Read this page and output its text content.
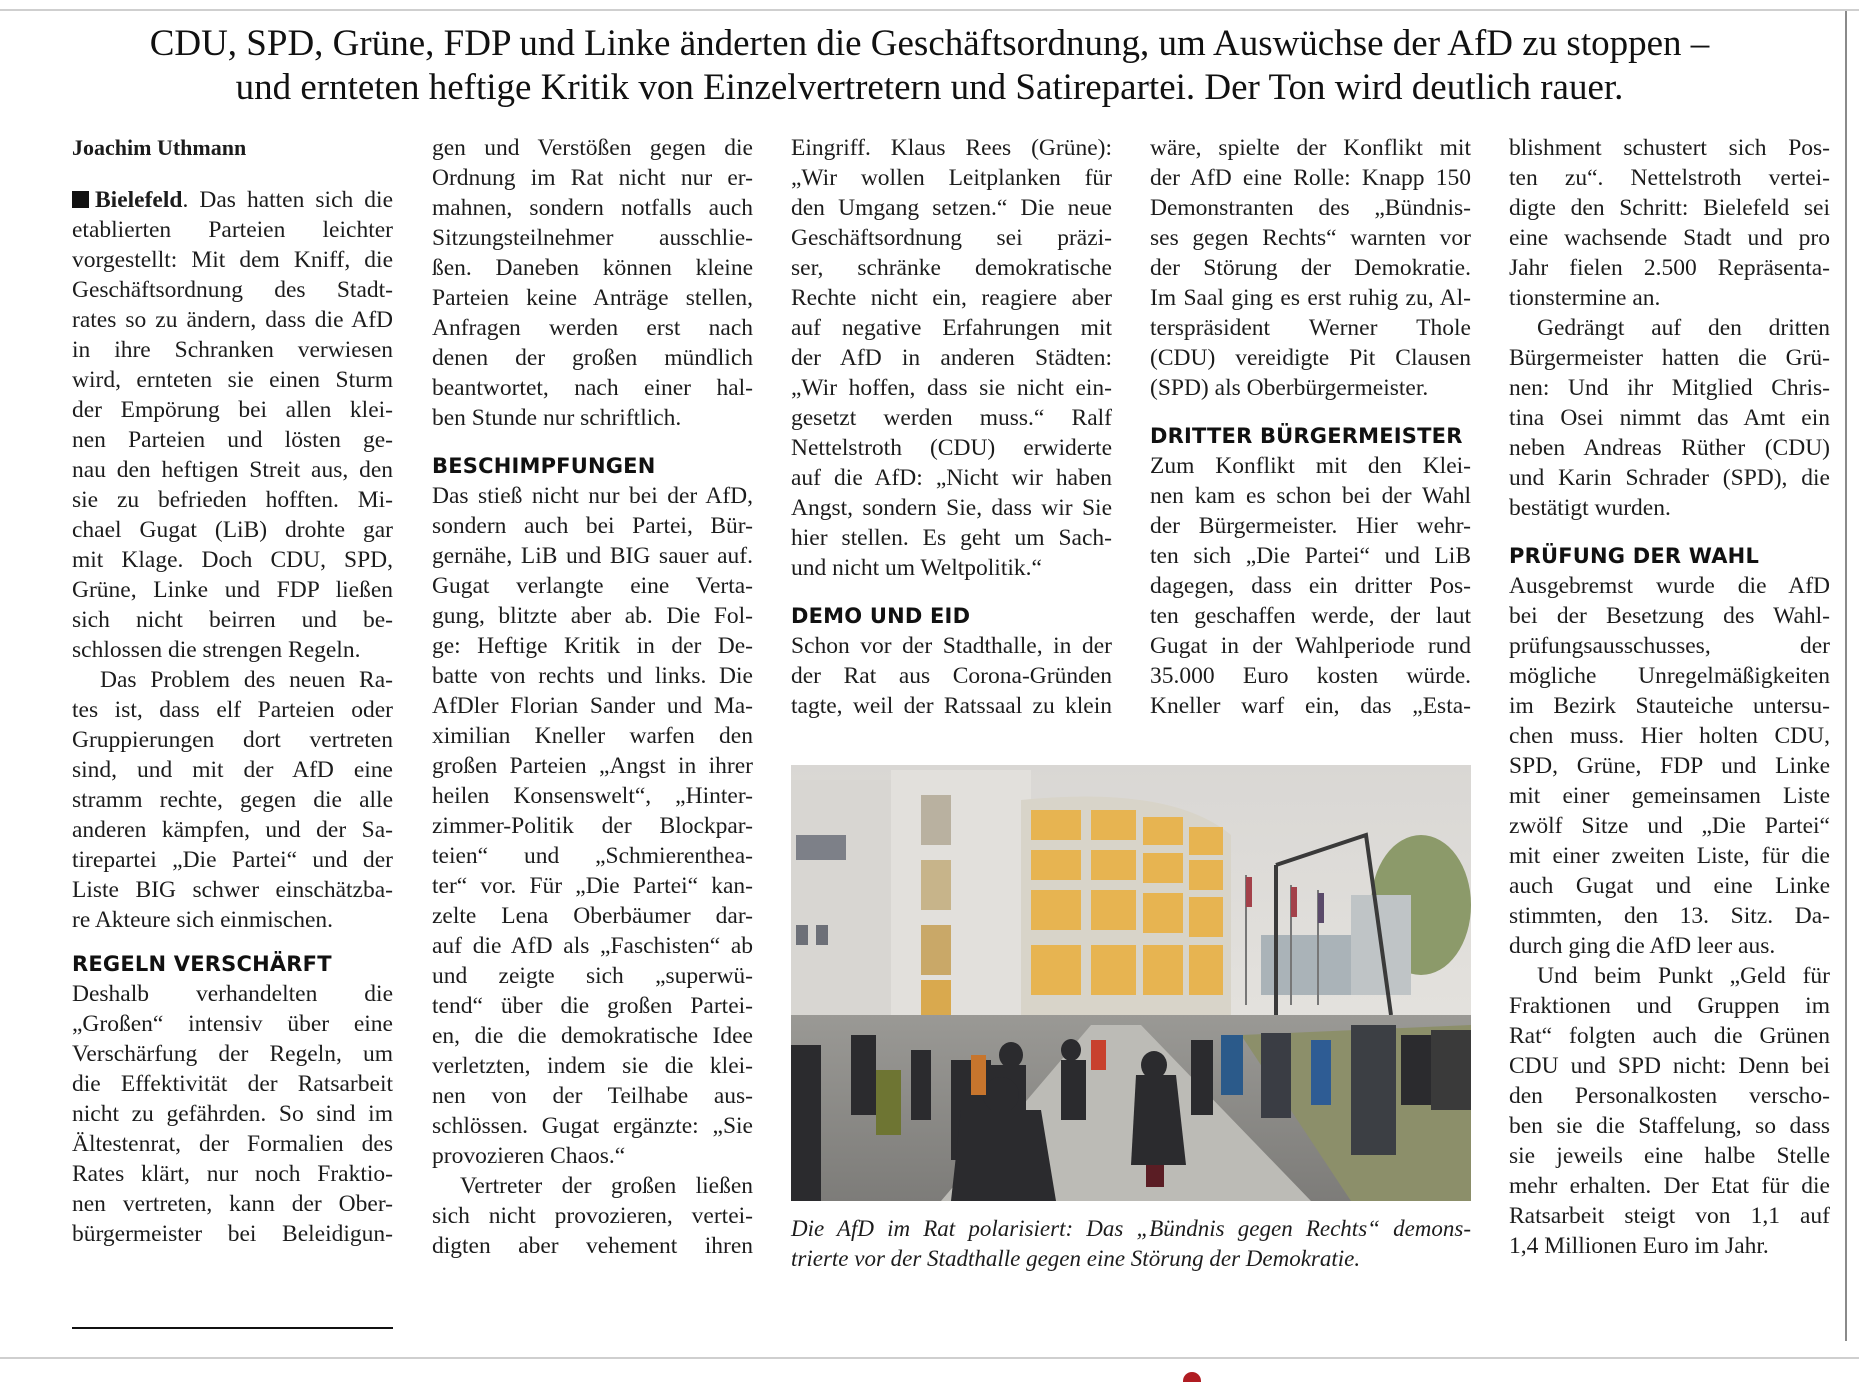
CDU, SPD, Grüne, FDP und Linke änderten die Geschäftsordnung, um Auswüchse der AfD zu stoppen –
und ernteten heftige Kritik von Einzelvertretern und Satirepartei. Der Ton wird deutlich rauer.
Joachim Uthmann
Bielefeld. Das hatten sich die
etablierten Parteien leichter
vorgestellt: Mit dem Kniff, die
Geschäftsordnung des Stadt-
rates so zu ändern, dass die AfD
in ihre Schranken verwiesen
wird, ernteten sie einen Sturm
der Empörung bei allen klei-
nen Parteien und lösten ge-
nau den heftigen Streit aus, den
sie zu befrieden hofften. Mi-
chael Gugat (LiB) drohte gar
mit Klage. Doch CDU, SPD,
Grüne, Linke und FDP ließen
sich nicht beirren und be-
schlossen die strengen Regeln.
Das Problem des neuen Ra-
tes ist, dass elf Parteien oder
Gruppierungen dort vertreten
sind, und mit der AfD eine
stramm rechte, gegen die alle
anderen kämpfen, und der Sa-
tirepartei „Die Partei“ und der
Liste BIG schwer einschätzba-
re Akteure sich einmischen.
REGELN VERSCHÄRFT
Deshalb verhandelten die
„Großen“ intensiv über eine
Verschärfung der Regeln, um
die Effektivität der Ratsarbeit
nicht zu gefährden. So sind im
Ältestenrat, der Formalien des
Rates klärt, nur noch Fraktio-
nen vertreten, kann der Ober-
bürgermeister bei Beleidigun-
gen und Verstößen gegen die
Ordnung im Rat nicht nur er-
mahnen, sondern notfalls auch
Sitzungsteilnehmer ausschlie-
ßen. Daneben können kleine
Parteien keine Anträge stellen,
Anfragen werden erst nach
denen der großen mündlich
beantwortet, nach einer hal-
ben Stunde nur schriftlich.
BESCHIMPFUNGEN
Das stieß nicht nur bei der AfD,
sondern auch bei Partei, Bür-
gernähe, LiB und BIG sauer auf.
Gugat verlangte eine Verta-
gung, blitzte aber ab. Die Fol-
ge: Heftige Kritik in der De-
batte von rechts und links. Die
AfDler Florian Sander und Ma-
ximilian Kneller warfen den
großen Parteien „Angst in ihrer
heilen Konsenswelt“, „Hinter-
zimmer-Politik der Blockpar-
teien“ und „Schmierenthea-
ter“ vor. Für „Die Partei“ kan-
zelte Lena Oberbäumer dar-
auf die AfD als „Faschisten“ ab
und zeigte sich „superwü-
tend“ über die großen Partei-
en, die die demokratische Idee
verletzten, indem sie die klei-
nen von der Teilhabe aus-
schlössen. Gugat ergänzte: „Sie
provozieren Chaos.“
Vertreter der großen ließen
sich nicht provozieren, vertei-
digten aber vehement ihren
Eingriff. Klaus Rees (Grüne):
„Wir wollen Leitplanken für
den Umgang setzen.“ Die neue
Geschäftsordnung sei präzi-
ser, schränke demokratische
Rechte nicht ein, reagiere aber
auf negative Erfahrungen mit
der AfD in anderen Städten:
„Wir hoffen, dass sie nicht ein-
gesetzt werden muss.“ Ralf
Nettelstroth (CDU) erwiderte
auf die AfD: „Nicht wir haben
Angst, sondern Sie, dass wir Sie
hier stellen. Es geht um Sach-
und nicht um Weltpolitik.“
DEMO UND EID
Schon vor der Stadthalle, in der
der Rat aus Corona-Gründen
tagte, weil der Ratssaal zu klein
wäre, spielte der Konflikt mit
der AfD eine Rolle: Knapp 150
Demonstranten des „Bündnis-
ses gegen Rechts“ warnten vor
der Störung der Demokratie.
Im Saal ging es erst ruhig zu, Al-
terspräsident Werner Thole
(CDU) vereidigte Pit Clausen
(SPD) als Oberbürgermeister.
DRITTER BÜRGERMEISTER
Zum Konflikt mit den Klei-
nen kam es schon bei der Wahl
der Bürgermeister. Hier wehr-
ten sich „Die Partei“ und LiB
dagegen, dass ein dritter Pos-
ten geschaffen werde, der laut
Gugat in der Wahlperiode rund
35.000 Euro kosten würde.
Kneller warf ein, das „Esta-
blishment schustert sich Pos-
ten zu“. Nettelstroth vertei-
digte den Schritt: Bielefeld sei
eine wachsende Stadt und pro
Jahr fielen 2.500 Repräsenta-
tionstermine an.
Gedrängt auf den dritten
Bürgermeister hatten die Grü-
nen: Und ihr Mitglied Chris-
tina Osei nimmt das Amt ein
neben Andreas Rüther (CDU)
und Karin Schrader (SPD), die
bestätigt wurden.
PRÜFUNG DER WAHL
Ausgebremst wurde die AfD
bei der Besetzung des Wahl-
prüfungsausschusses, der
mögliche Unregelmäßigkeiten
im Bezirk Stauteiche untersu-
chen muss. Hier holten CDU,
SPD, Grüne, FDP und Linke
mit einer gemeinsamen Liste
zwölf Sitze und „Die Partei“
mit einer zweiten Liste, für die
auch Gugat und eine Linke
stimmten, den 13. Sitz. Da-
durch ging die AfD leer aus.
Und beim Punkt „Geld für
Fraktionen und Gruppen im
Rat“ folgten auch die Grünen
CDU und SPD nicht: Denn bei
den Personalkosten verscho-
ben sie die Staffelung, so dass
sie jeweils eine halbe Stelle
mehr erhalten. Der Etat für die
Ratsarbeit steigt von 1,1 auf
1,4 Millionen Euro im Jahr.
Die AfD im Rat polarisiert: Das „Bündnis gegen Rechts“ demons-
trierte vor der Stadthalle gegen eine Störung der Demokratie.
